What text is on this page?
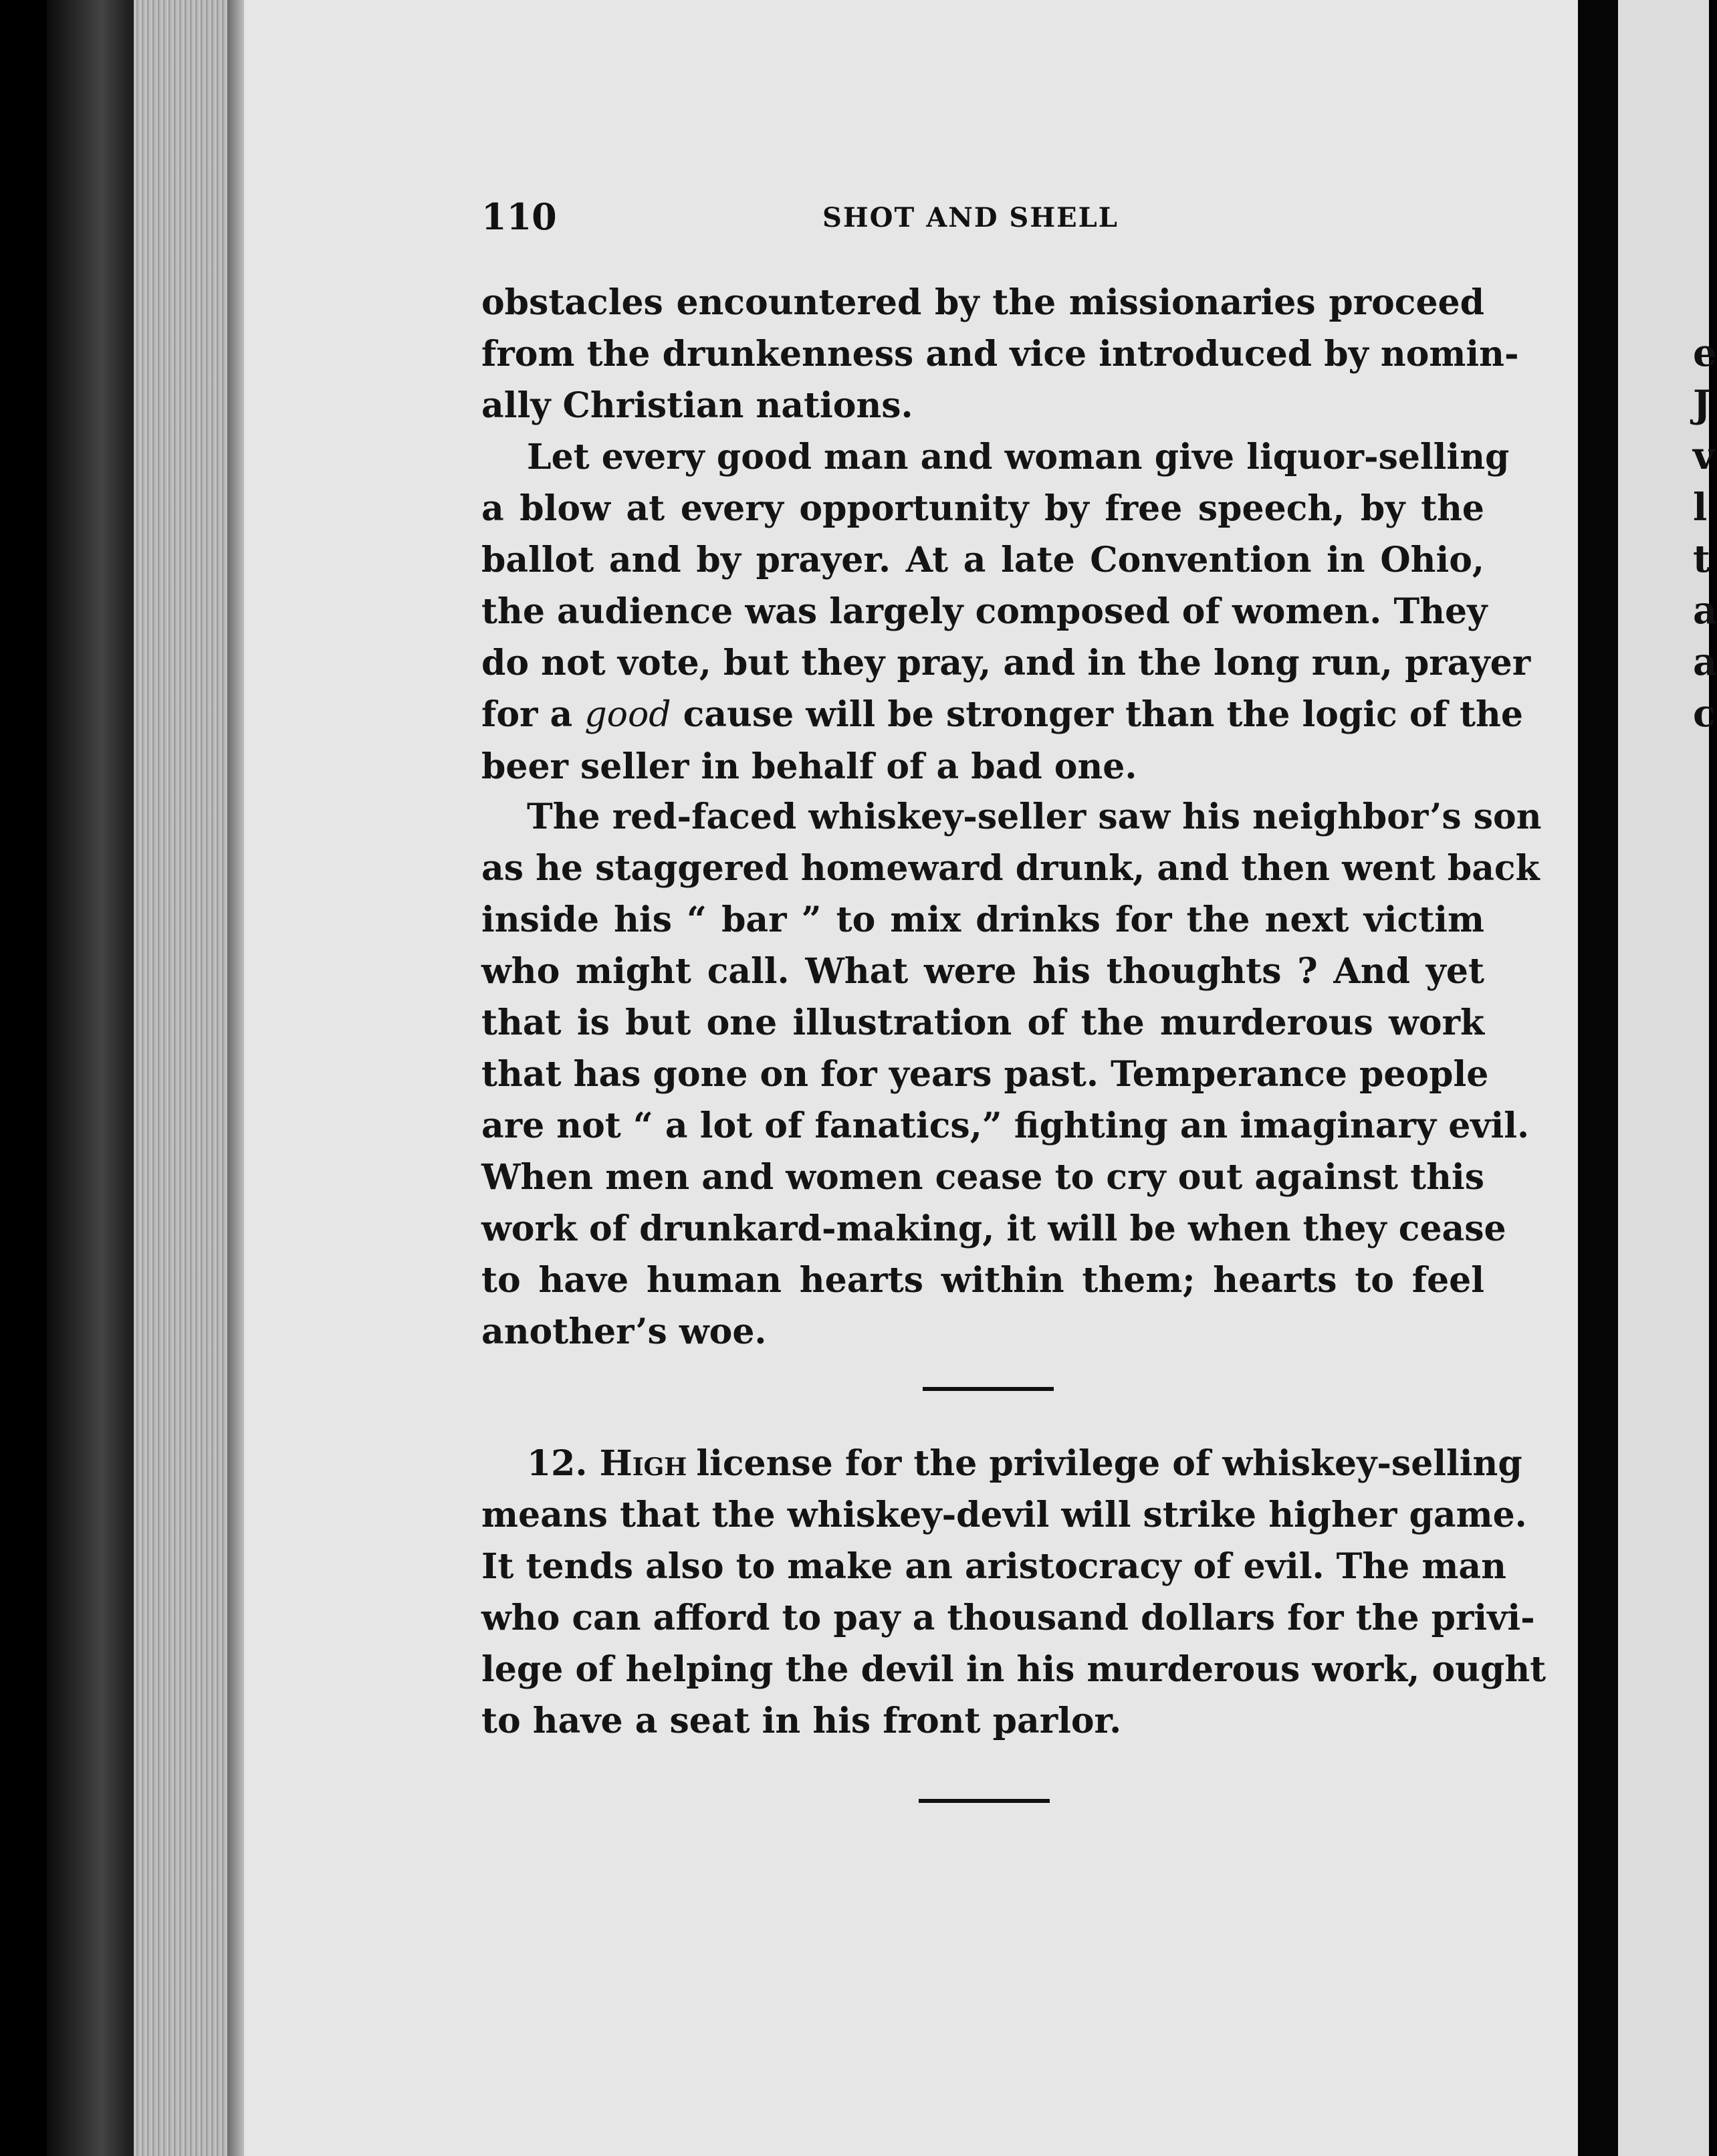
e
J
v
l
t
a
a
c
110	SHOT AND SHELL
obstacles encountered by the missionaries proceed
from the drunkenness and vice introduced by nomin-
ally Christian nations.
Let every good man and woman give liquor-selling
a blow at every opportunity by free speech, by the
ballot and by prayer. At a late Convention in Ohio,
the audience was largely composed of women. They
do not vote, but they pray, and in the long run, prayer
for a good cause will be stronger than the logic of the
beer seller in behalf of a bad one.
The red-faced whiskey-seller saw his neighbor’s son
as he staggered homeward drunk, and then went back
inside his “ bar ” to mix drinks for the next victim
who might call. What were his thoughts ? And yet
that is but one illustration of the murderous work
that has gone on for years past. Temperance people
are not “ a lot of fanatics,” fighting an imaginary evil.
When men and women cease to cry out against this
work of drunkard-making, it will be when they cease
to have human hearts within them; hearts to feel
another’s woe.
12. High license for the privilege of whiskey-selling
means that the whiskey-devil will strike higher game.
It tends also to make an aristocracy of evil. The man
who can afford to pay a thousand dollars for the privi-
lege of helping the devil in his murderous work, ought
to have a seat in his front parlor.
